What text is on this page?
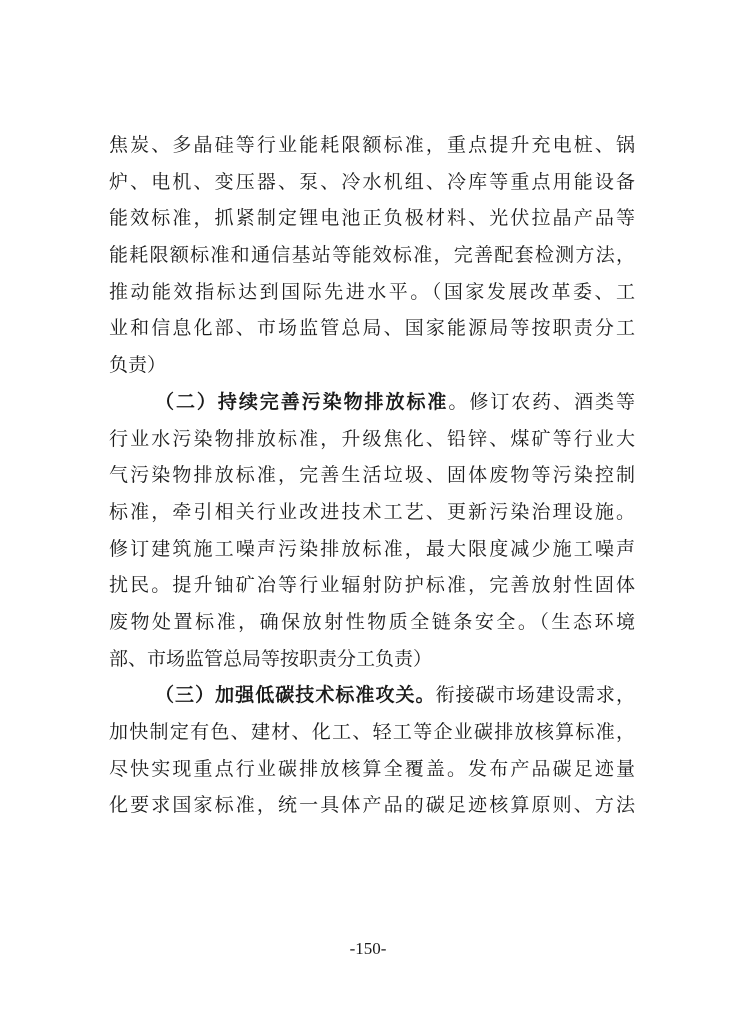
焦炭、多晶硅等行业能耗限额标准，重点提升充电桩、锅
炉、电机、变压器、泵、冷水机组、冷库等重点用能设备
能效标准，抓紧制定锂电池正负极材料、光伏拉晶产品等
能耗限额标准和通信基站等能效标准，完善配套检测方法，
推动能效指标达到国际先进水平。（国家发展改革委、工
业和信息化部、市场监管总局、国家能源局等按职责分工
负责）
（二）持续完善污染物排放标准。修订农药、酒类等
行业水污染物排放标准，升级焦化、铅锌、煤矿等行业大
气污染物排放标准，完善生活垃圾、固体废物等污染控制
标准，牵引相关行业改进技术工艺、更新污染治理设施。
修订建筑施工噪声污染排放标准，最大限度减少施工噪声
扰民。提升铀矿冶等行业辐射防护标准，完善放射性固体
废物处置标准，确保放射性物质全链条安全。（生态环境
部、市场监管总局等按职责分工负责）
（三）加强低碳技术标准攻关。衔接碳市场建设需求，
加快制定有色、建材、化工、轻工等企业碳排放核算标准，
尽快实现重点行业碳排放核算全覆盖。发布产品碳足迹量
化要求国家标准，统一具体产品的碳足迹核算原则、方法
-150-
